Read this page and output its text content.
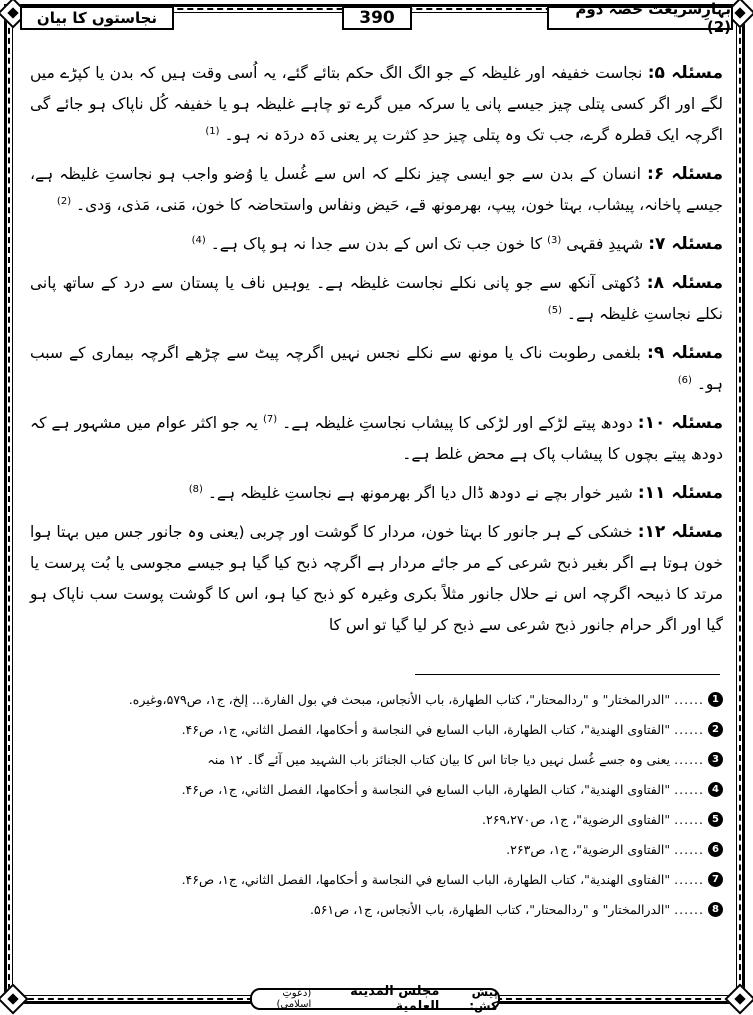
بہارِشریعت حصہ دوم (2)
390
نجاستوں کا بیان

مسئلہ ۵: نجاست خفیفہ اور غلیظہ کے جو الگ الگ حکم بتائے گئے، یہ اُسی وقت ہیں کہ بدن یا کپڑے میں لگے اور اگر کسی پتلی چیز جیسے پانی یا سرکہ میں گرے تو چاہے غلیظہ ہو یا خفیفہ کُل ناپاک ہو جائے گی اگرچہ ایک قطرہ گرے، جب تک وہ پتلی چیز حدِ کثرت پر یعنی دَہ دردَہ نہ ہو۔ $^{(1)}$

مسئلہ ۶: انسان کے بدن سے جو ایسی چیز نکلے کہ اس سے غُسل یا وُضو واجب ہو نجاستِ غلیظہ ہے، جیسے پاخانہ، پیشاب، بہتا خون، پیپ، بھرمونھ قے، حَیض ونفاس واستحاضہ کا خون، مَنی، مَذی، وَدی۔ $^{(2)}$

مسئلہ ۷: شہیدِ فقہی $^{(3)}$ کا خون جب تک اس کے بدن سے جدا نہ ہو پاک ہے۔ $^{(4)}$

مسئلہ ۸: دُکھتی آنکھ سے جو پانی نکلے نجاست غلیظہ ہے۔ یوہیں ناف یا پستان سے درد کے ساتھ پانی نکلے نجاستِ غلیظہ ہے۔ $^{(5)}$

مسئلہ ۹: بلغمی رطوبت ناک یا مونھ سے نکلے نجس نہیں اگرچہ پیٹ سے چڑھے اگرچہ بیماری کے سبب ہو۔ $^{(6)}$

مسئلہ ۱۰: دودھ پیتے لڑکے اور لڑکی کا پیشاب نجاستِ غلیظہ ہے۔ $^{(7)}$ یہ جو اکثر عوام میں مشہور ہے کہ دودھ پیتے بچوں کا پیشاب پاک ہے محض غلط ہے۔

مسئلہ ۱۱: شیر خوار بچے نے دودھ ڈال دیا اگر بھرمونھ ہے نجاستِ غلیظہ ہے۔ $^{(8)}$

مسئلہ ۱۲: خشکی کے ہر جانور کا بہتا خون، مردار کا گوشت اور چربی (یعنی وہ جانور جس میں بہتا ہوا خون ہوتا ہے اگر بغیر ذبح شرعی کے مر جائے مردار ہے اگرچہ ذبح کیا گیا ہو جیسے مجوسی یا بُت پرست یا مرتد کا ذبیحہ اگرچہ اس نے حلال جانور مثلاً بکری وغیرہ کو ذبح کیا ہو، اس کا گوشت پوست سب ناپاک ہو گیا اور اگر حرام جانور ذبح شرعی سے ذبح کر لیا گیا تو اس کا

1
......
"الدرالمختار" و "ردالمحتار"، كتاب الطهارة، باب الأنجاس، مبحث في بول الفارة... إلخ، ج۱، ص۵۷۹،وغيره.
2
......
"الفتاوى الهندية"، كتاب الطهارة، الباب السابع في النجاسة و أحكامها، الفصل الثاني، ج۱، ص۴۶.
3
......
یعنی وہ جسے غُسل نہیں دیا جاتا اس کا بیان کتاب الجنائز باب الشہید میں آئے گا۔ ۱۲ منہ
4
......
"الفتاوى الهندية"، كتاب الطهارة، الباب السابع في النجاسة و أحكامها، الفصل الثاني، ج۱، ص۴۶.
5
......
"الفتاوى الرضوية"، ج۱، ص۲۶۹،۲۷۰.
6
......
"الفتاوى الرضوية"، ج۱، ص۲۶۳.
7
......
"الفتاوى الهندية"، كتاب الطهارة، الباب السابع في النجاسة و أحكامها، الفصل الثاني، ج۱، ص۴۶.
8
......
"الدرالمختار" و "ردالمحتار"، كتاب الطهارة، باب الأنجاس، ج۱، ص۵۶۱.
پیش کش:
مجلس المدینة العلمیة
(دعوتِ اسلامی)
